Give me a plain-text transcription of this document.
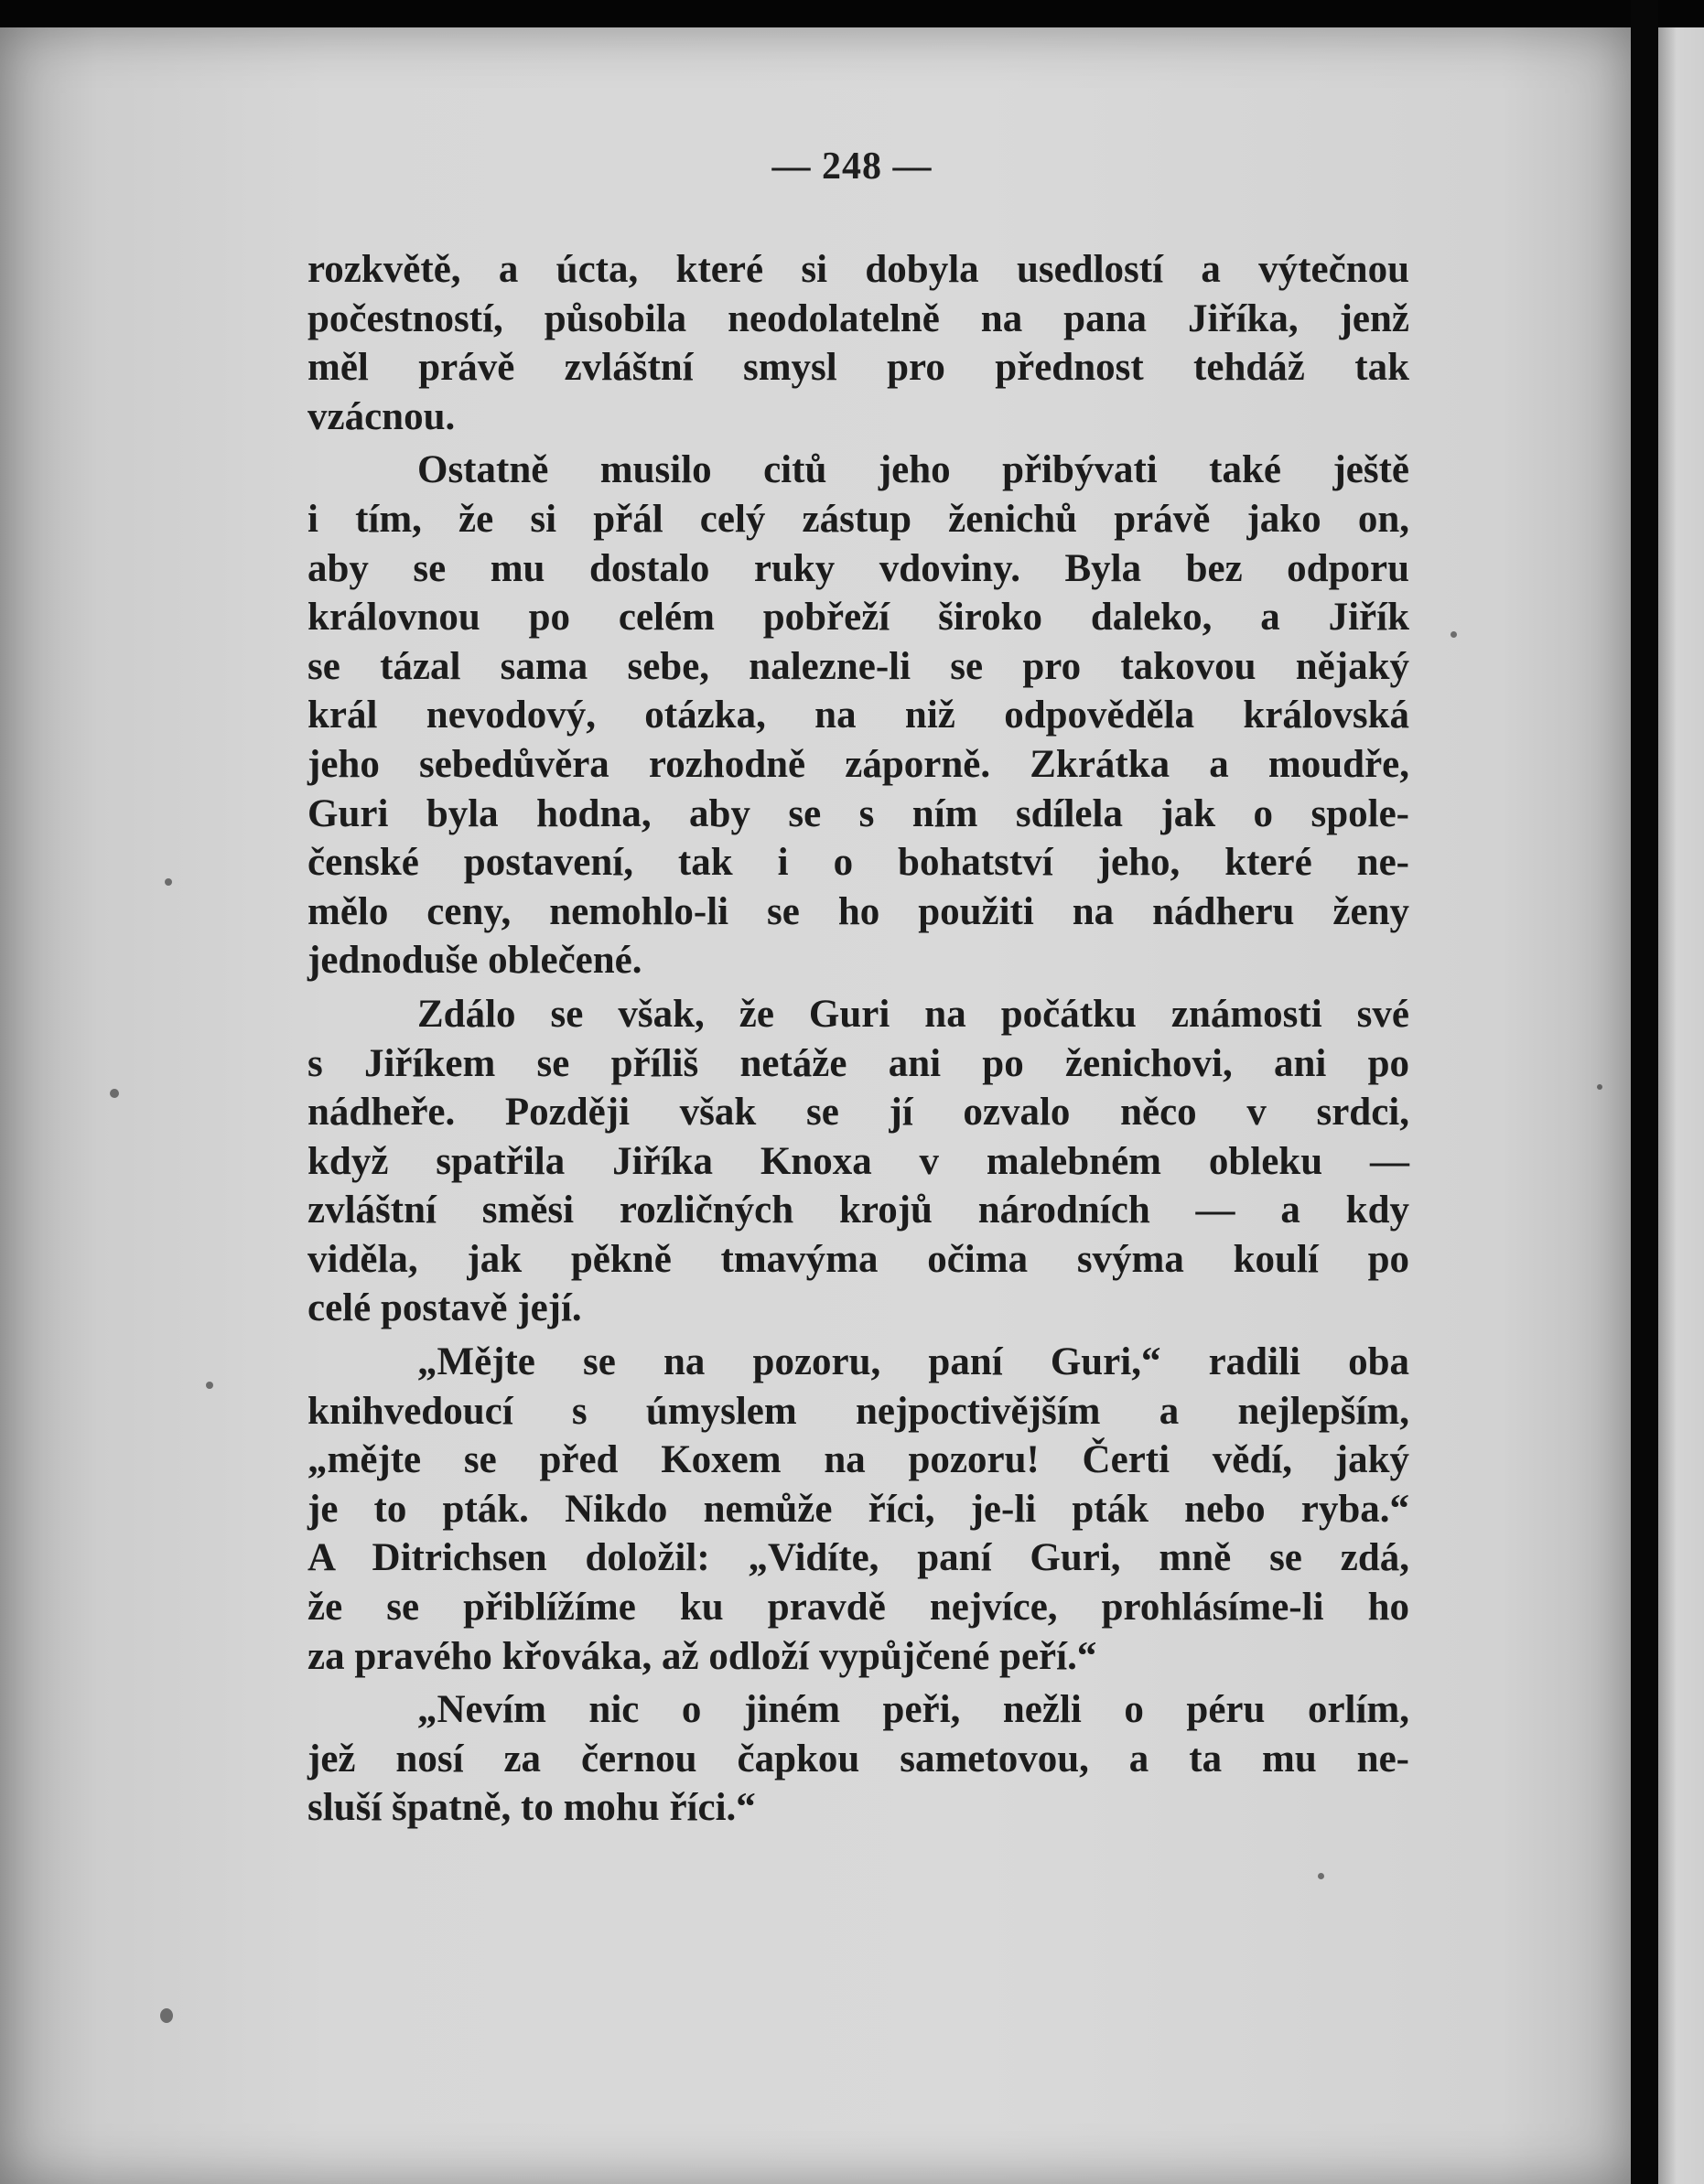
— 248 —
rozkvětě, a úcta, které si dobyla usedlostí a výtečnou
počestností, působila neodolatelně na pana Jiříka, jenž
měl právě zvláštní smysl pro přednost tehdáž tak
vzácnou.
Ostatně musilo citů jeho přibývati také ještě
i tím, že si přál celý zástup ženichů právě jako on,
aby se mu dostalo ruky vdoviny. Byla bez odporu
královnou po celém pobřeží široko daleko, a Jiřík
se tázal sama sebe, nalezne-li se pro takovou nějaký
král nevodový, otázka, na niž odpověděla královská
jeho sebedůvěra rozhodně záporně. Zkrátka a moudře,
Guri byla hodna, aby se s ním sdílela jak o spole-
čenské postavení, tak i o bohatství jeho, které ne-
mělo ceny, nemohlo-li se ho použiti na nádheru ženy
jednoduše oblečené.
Zdálo se však, že Guri na počátku známosti své
s Jiříkem se příliš netáže ani po ženichovi, ani po
nádheře. Později však se jí ozvalo něco v srdci,
když spatřila Jiříka Knoxa v malebném obleku —
zvláštní směsi rozličných krojů národních — a kdy
viděla, jak pěkně tmavýma očima svýma koulí po
celé postavě její.
„Mějte se na pozoru, paní Guri,“ radili oba
knihvedoucí s úmyslem nejpoctivějším a nejlepším,
„mějte se před Koxem na pozoru! Čerti vědí, jaký
je to pták. Nikdo nemůže říci, je-li pták nebo ryba.“
A Ditrichsen doložil: „Vidíte, paní Guri, mně se zdá,
že se přiblížíme ku pravdě nejvíce, prohlásíme-li ho
za pravého křováka, až odloží vypůjčené peří.“
„Nevím nic o jiném peři, nežli o péru orlím,
jež nosí za černou čapkou sametovou, a ta mu ne-
sluší špatně, to mohu říci.“
